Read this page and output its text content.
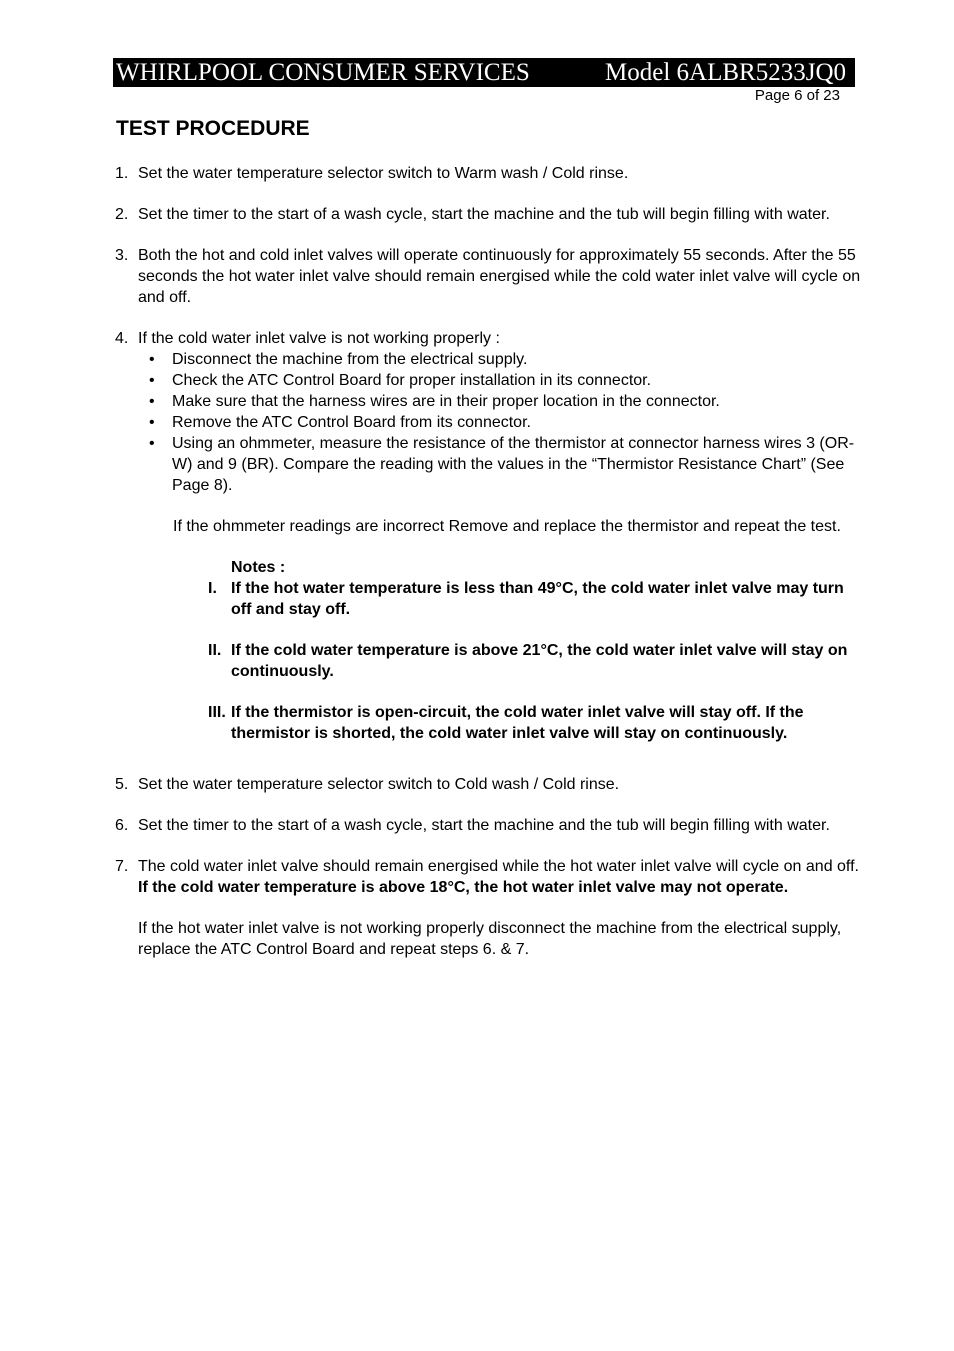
WHIRLPOOL CONSUMER SERVICES	Model 6ALBR5233JQ0
Page 6 of 23
TEST PROCEDURE
1. Set the water temperature selector switch to Warm wash / Cold rinse.
2. Set the timer to the start of a wash cycle, start the machine and the tub will begin filling with water.
3. Both the hot and cold inlet valves will operate continuously for approximately 55 seconds. After the 55 seconds the hot water inlet valve should remain energised while the cold water inlet valve will cycle on and off.
4. If the cold water inlet valve is not working properly :
• Disconnect the machine from the electrical supply.
• Check the ATC Control Board for proper installation in its connector.
• Make sure that the harness wires are in their proper location in the connector.
• Remove the ATC Control Board from its connector.
• Using an ohmmeter, measure the resistance of the thermistor at connector harness wires 3 (OR-W) and 9 (BR). Compare the reading with the values in the “Thermistor Resistance Chart” (See Page 8).
If the ohmmeter readings are incorrect Remove and replace the thermistor and repeat the test.
Notes :
I. If the hot water temperature is less than 49°C, the cold water inlet valve may turn off and stay off.
II. If the cold water temperature is above 21°C, the cold water inlet valve will stay on continuously.
III. If the thermistor is open-circuit, the cold water inlet valve will stay off. If the thermistor is shorted, the cold water inlet valve will stay on continuously.
5. Set the water temperature selector switch to Cold wash / Cold rinse.
6. Set the timer to the start of a wash cycle, start the machine and the tub will begin filling with water.
7. The cold water inlet valve should remain energised while the hot water inlet valve will cycle on and off. If the cold water temperature is above 18°C, the hot water inlet valve may not operate.
If the hot water inlet valve is not working properly disconnect the machine from the electrical supply, replace the ATC Control Board and repeat steps 6. & 7.
